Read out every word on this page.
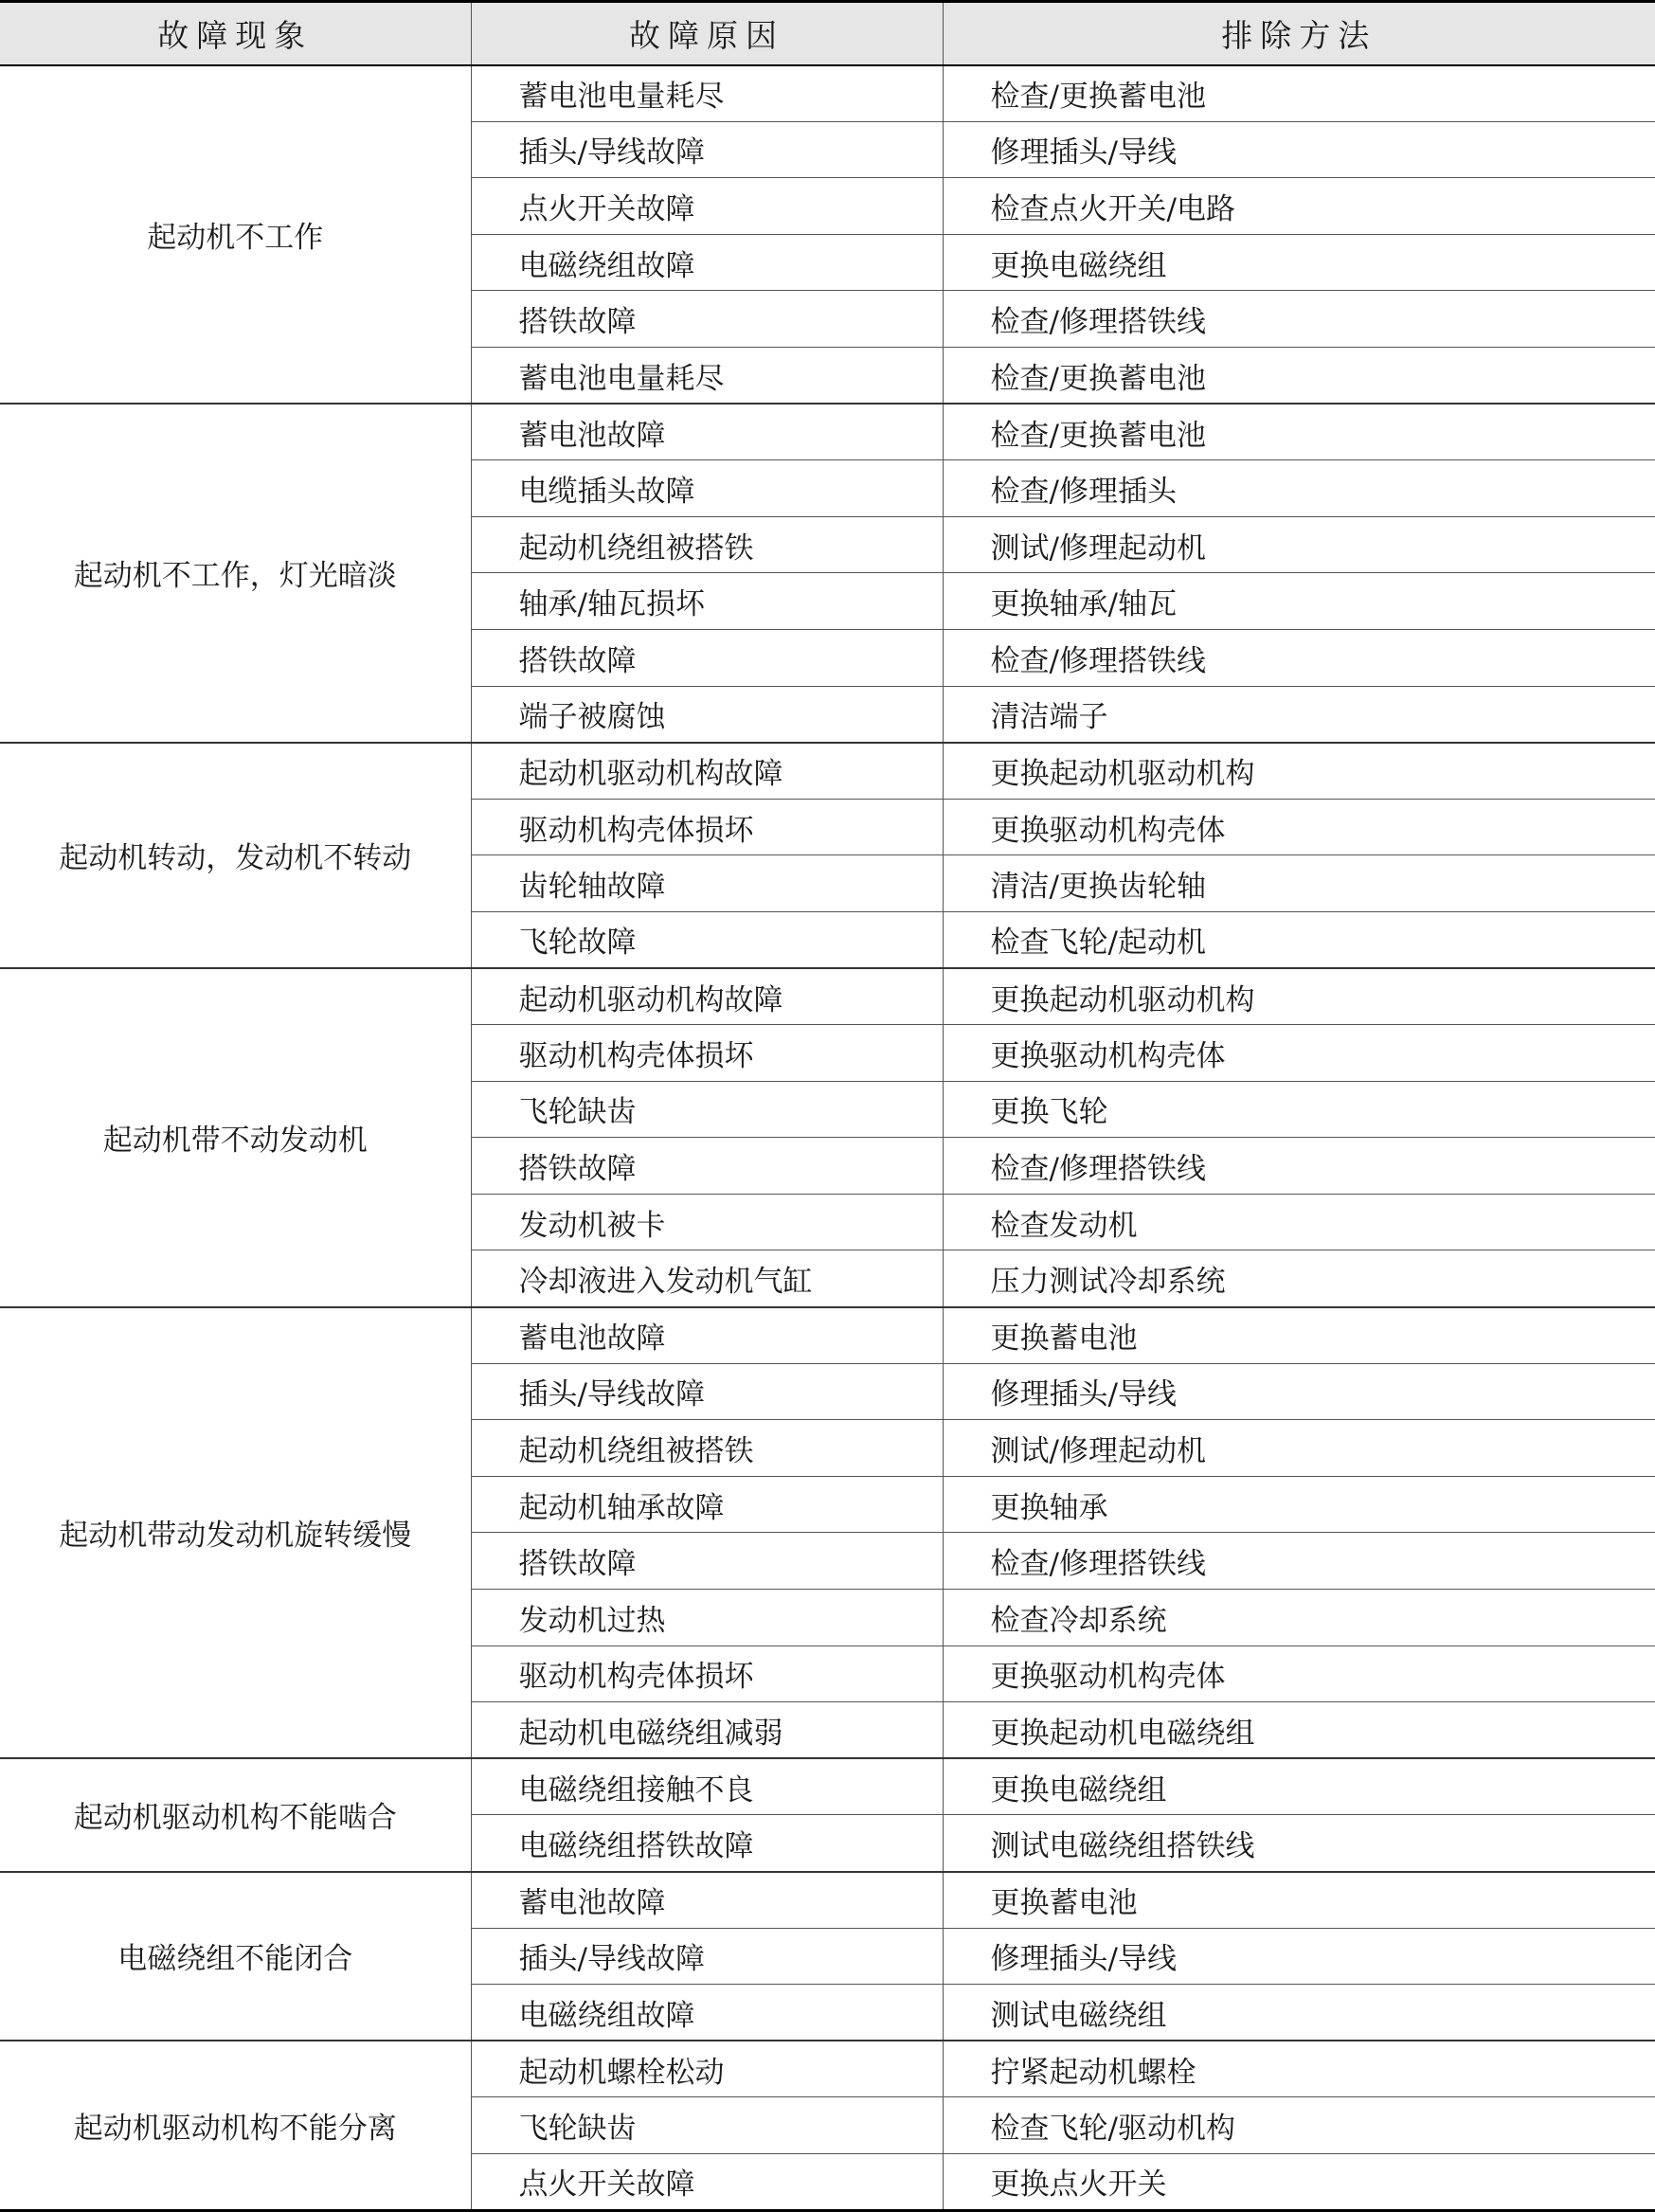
故障现象	故障原因	排除方法
起动机不工作	蓄电池电量耗尽	检查/更换蓄电池
	插头/导线故障	修理插头/导线
	点火开关故障	检查点火开关/电路
	电磁绕组故障	更换电磁绕组
	搭铁故障	检查/修理搭铁线
	蓄电池电量耗尽	检查/更换蓄电池
起动机不工作，灯光暗淡	蓄电池故障	检查/更换蓄电池
	电缆插头故障	检查/修理插头
	起动机绕组被搭铁	测试/修理起动机
	轴承/轴瓦损坏	更换轴承/轴瓦
	搭铁故障	检查/修理搭铁线
	端子被腐蚀	清洁端子
起动机转动，发动机不转动	起动机驱动机构故障	更换起动机驱动机构
	驱动机构壳体损坏	更换驱动机构壳体
	齿轮轴故障	清洁/更换齿轮轴
	飞轮故障	检查飞轮/起动机
起动机带不动发动机	起动机驱动机构故障	更换起动机驱动机构
	驱动机构壳体损坏	更换驱动机构壳体
	飞轮缺齿	更换飞轮
	搭铁故障	检查/修理搭铁线
	发动机被卡	检查发动机
	冷却液进入发动机气缸	压力测试冷却系统
起动机带动发动机旋转缓慢	蓄电池故障	更换蓄电池
	插头/导线故障	修理插头/导线
	起动机绕组被搭铁	测试/修理起动机
	起动机轴承故障	更换轴承
	搭铁故障	检查/修理搭铁线
	发动机过热	检查冷却系统
	驱动机构壳体损坏	更换驱动机构壳体
	起动机电磁绕组减弱	更换起动机电磁绕组
起动机驱动机构不能啮合	电磁绕组接触不良	更换电磁绕组
	电磁绕组搭铁故障	测试电磁绕组搭铁线
电磁绕组不能闭合	蓄电池故障	更换蓄电池
	插头/导线故障	修理插头/导线
	电磁绕组故障	测试电磁绕组
起动机驱动机构不能分离	起动机螺栓松动	拧紧起动机螺栓
	飞轮缺齿	检查飞轮/驱动机构
	点火开关故障	更换点火开关
